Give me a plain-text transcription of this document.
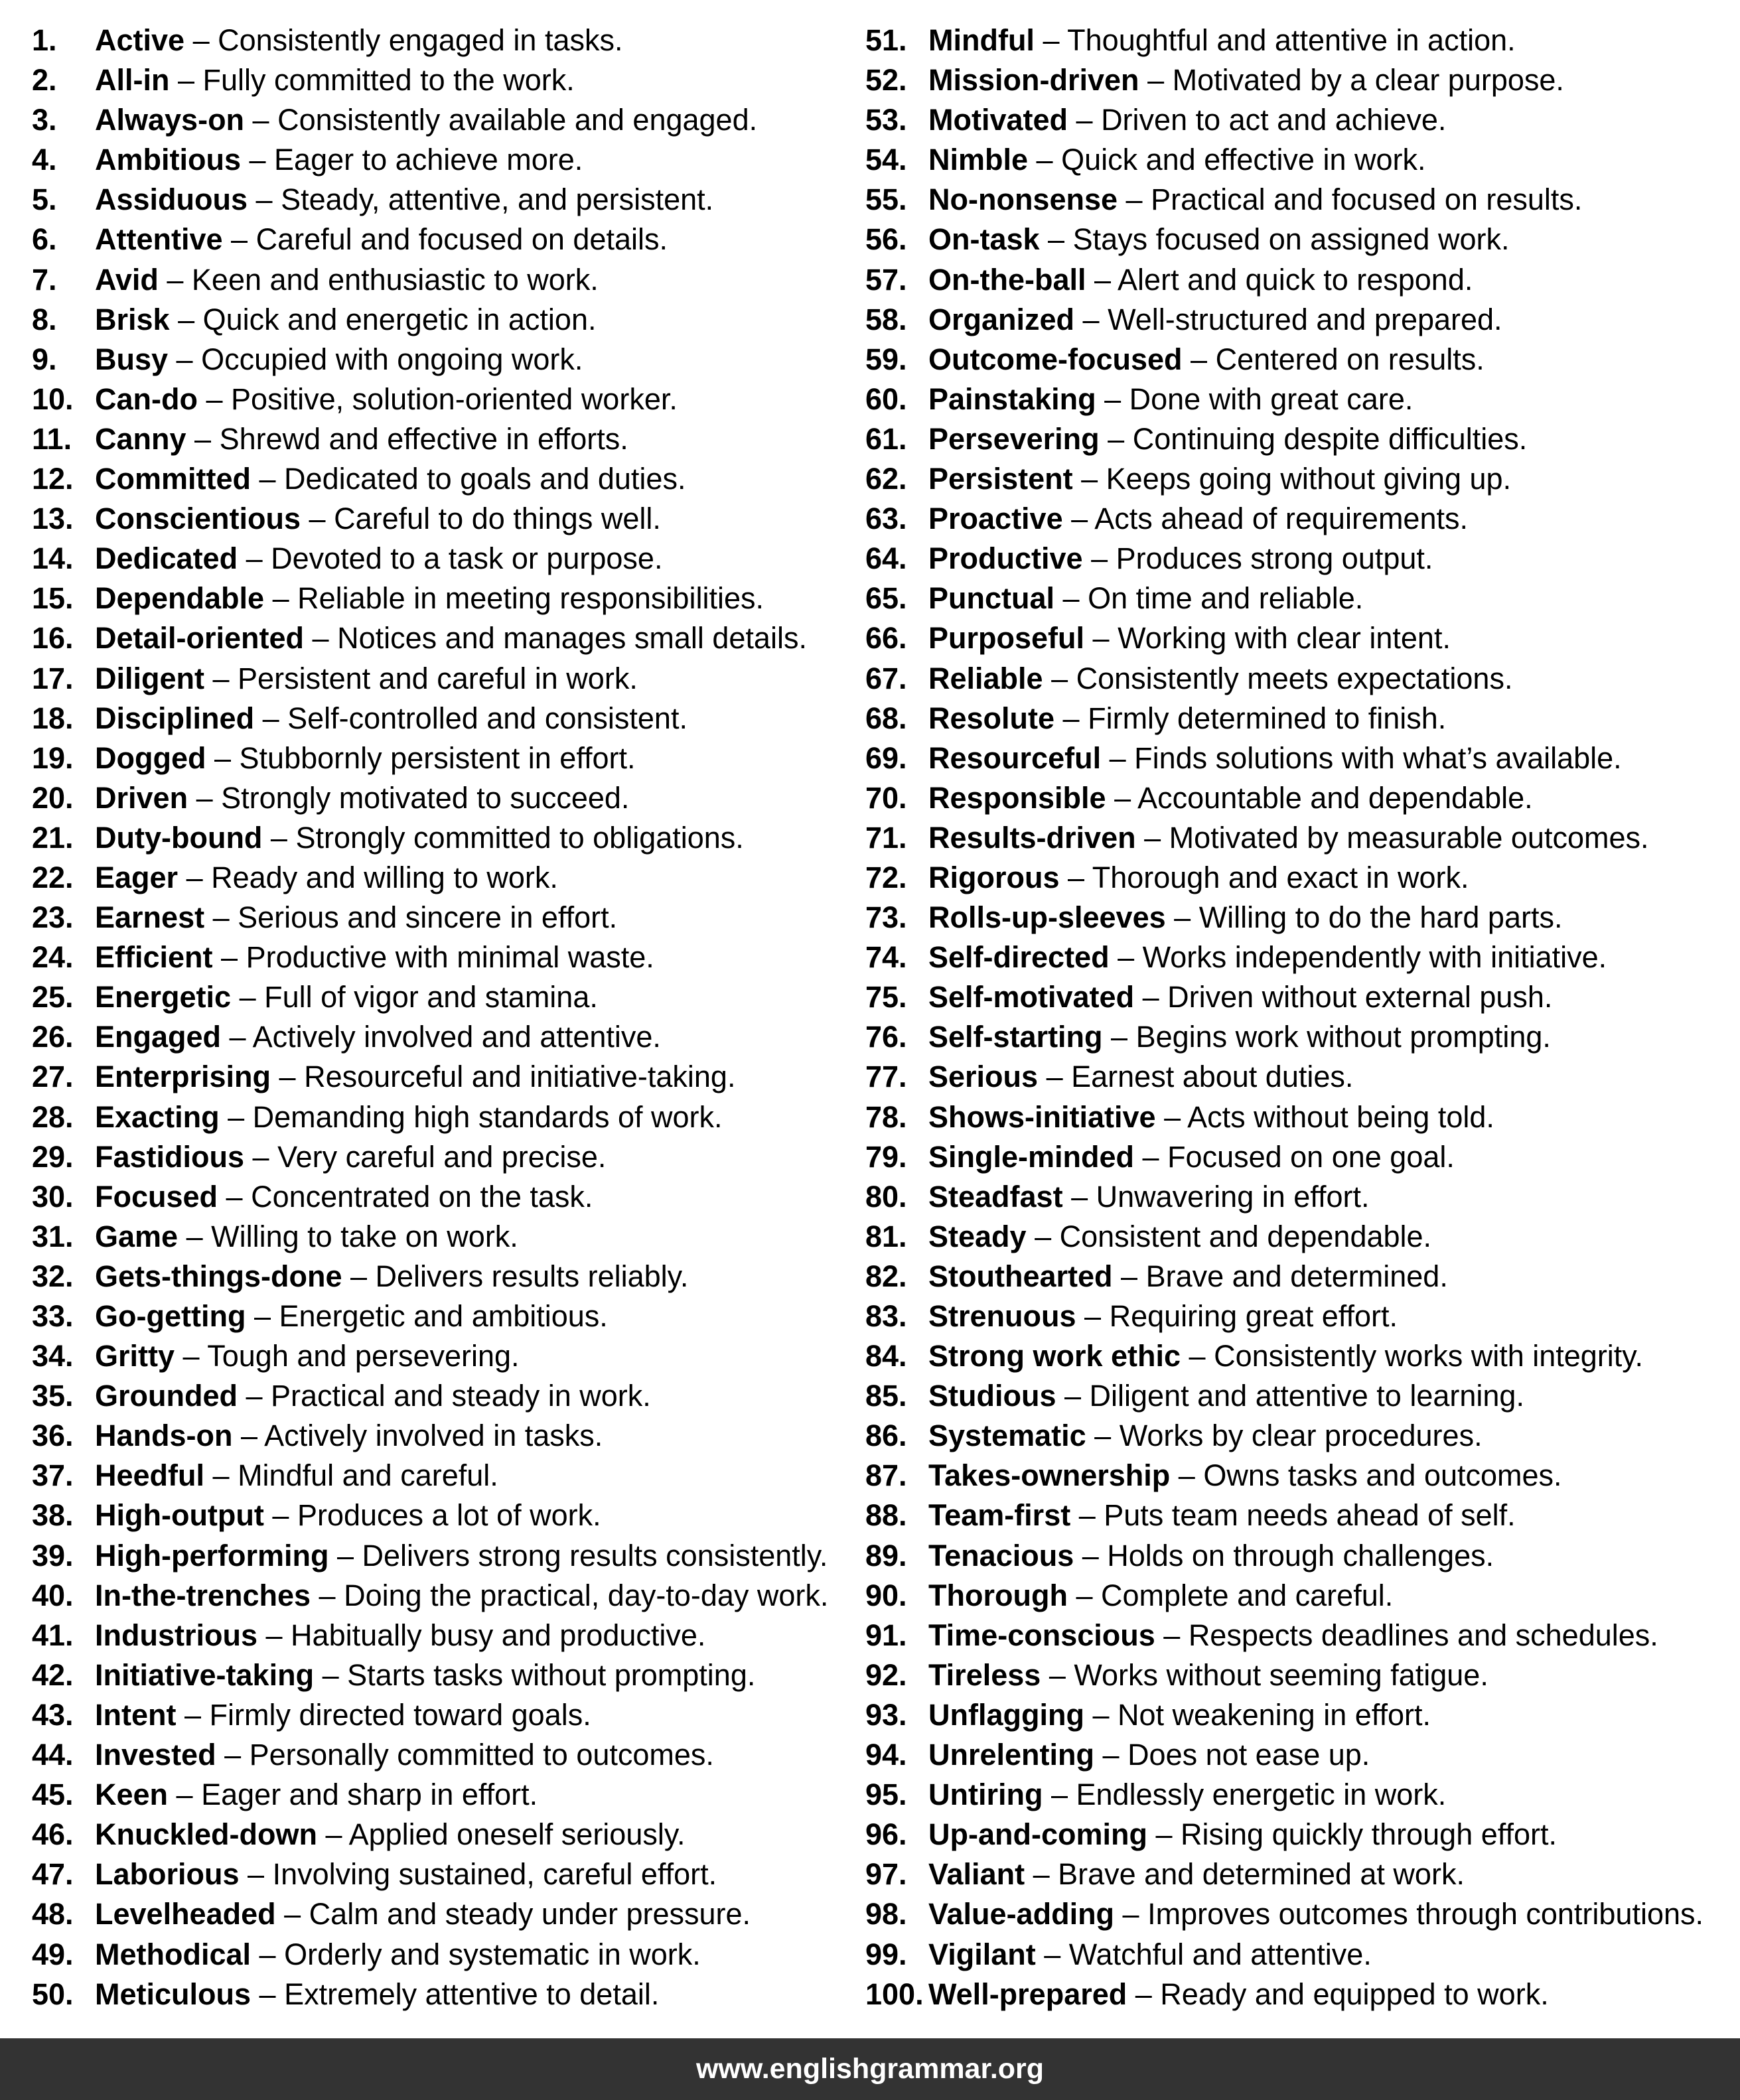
1.	Active – Consistently engaged in tasks.
2.	All-in – Fully committed to the work.
3.	Always-on – Consistently available and engaged.
4.	Ambitious – Eager to achieve more.
5.	Assiduous – Steady, attentive, and persistent.
6.	Attentive – Careful and focused on details.
7.	Avid – Keen and enthusiastic to work.
8.	Brisk – Quick and energetic in action.
9.	Busy – Occupied with ongoing work.
10. Can-do – Positive, solution-oriented worker.
11. Canny – Shrewd and effective in efforts.
12. Committed – Dedicated to goals and duties.
13. Conscientious – Careful to do things well.
14. Dedicated – Devoted to a task or purpose.
15. Dependable – Reliable in meeting responsibilities.
16. Detail-oriented – Notices and manages small details.
17. Diligent – Persistent and careful in work.
18. Disciplined – Self-controlled and consistent.
19. Dogged – Stubbornly persistent in effort.
20. Driven – Strongly motivated to succeed.
21. Duty-bound – Strongly committed to obligations.
22. Eager – Ready and willing to work.
23. Earnest – Serious and sincere in effort.
24. Efficient – Productive with minimal waste.
25. Energetic – Full of vigor and stamina.
26. Engaged – Actively involved and attentive.
27. Enterprising – Resourceful and initiative-taking.
28. Exacting – Demanding high standards of work.
29. Fastidious – Very careful and precise.
30. Focused – Concentrated on the task.
31. Game – Willing to take on work.
32. Gets-things-done – Delivers results reliably.
33. Go-getting – Energetic and ambitious.
34. Gritty – Tough and persevering.
35. Grounded – Practical and steady in work.
36. Hands-on – Actively involved in tasks.
37. Heedful – Mindful and careful.
38. High-output – Produces a lot of work.
39. High-performing – Delivers strong results consistently.
40. In-the-trenches – Doing the practical, day-to-day work.
41. Industrious – Habitually busy and productive.
42. Initiative-taking – Starts tasks without prompting.
43. Intent – Firmly directed toward goals.
44. Invested – Personally committed to outcomes.
45. Keen – Eager and sharp in effort.
46. Knuckled-down – Applied oneself seriously.
47. Laborious – Involving sustained, careful effort.
48. Levelheaded – Calm and steady under pressure.
49. Methodical – Orderly and systematic in work.
50. Meticulous – Extremely attentive to detail.
51. Mindful – Thoughtful and attentive in action.
52. Mission-driven – Motivated by a clear purpose.
53. Motivated – Driven to act and achieve.
54. Nimble – Quick and effective in work.
55. No-nonsense – Practical and focused on results.
56. On-task – Stays focused on assigned work.
57. On-the-ball – Alert and quick to respond.
58. Organized – Well-structured and prepared.
59. Outcome-focused – Centered on results.
60. Painstaking – Done with great care.
61. Persevering – Continuing despite difficulties.
62. Persistent – Keeps going without giving up.
63. Proactive – Acts ahead of requirements.
64. Productive – Produces strong output.
65. Punctual – On time and reliable.
66. Purposeful – Working with clear intent.
67. Reliable – Consistently meets expectations.
68. Resolute – Firmly determined to finish.
69. Resourceful – Finds solutions with what’s available.
70. Responsible – Accountable and dependable.
71. Results-driven – Motivated by measurable outcomes.
72. Rigorous – Thorough and exact in work.
73. Rolls-up-sleeves – Willing to do the hard parts.
74. Self-directed – Works independently with initiative.
75. Self-motivated – Driven without external push.
76. Self-starting – Begins work without prompting.
77. Serious – Earnest about duties.
78. Shows-initiative – Acts without being told.
79. Single-minded – Focused on one goal.
80. Steadfast – Unwavering in effort.
81. Steady – Consistent and dependable.
82. Stouthearted – Brave and determined.
83. Strenuous – Requiring great effort.
84. Strong work ethic – Consistently works with integrity.
85. Studious – Diligent and attentive to learning.
86. Systematic – Works by clear procedures.
87. Takes-ownership – Owns tasks and outcomes.
88. Team-first – Puts team needs ahead of self.
89. Tenacious – Holds on through challenges.
90. Thorough – Complete and careful.
91. Time-conscious – Respects deadlines and schedules.
92. Tireless – Works without seeming fatigue.
93. Unflagging – Not weakening in effort.
94. Unrelenting – Does not ease up.
95. Untiring – Endlessly energetic in work.
96. Up-and-coming – Rising quickly through effort.
97. Valiant – Brave and determined at work.
98. Value-adding – Improves outcomes through contributions.
99. Vigilant – Watchful and attentive.
100. Well-prepared – Ready and equipped to work.
www.englishgrammar.org
